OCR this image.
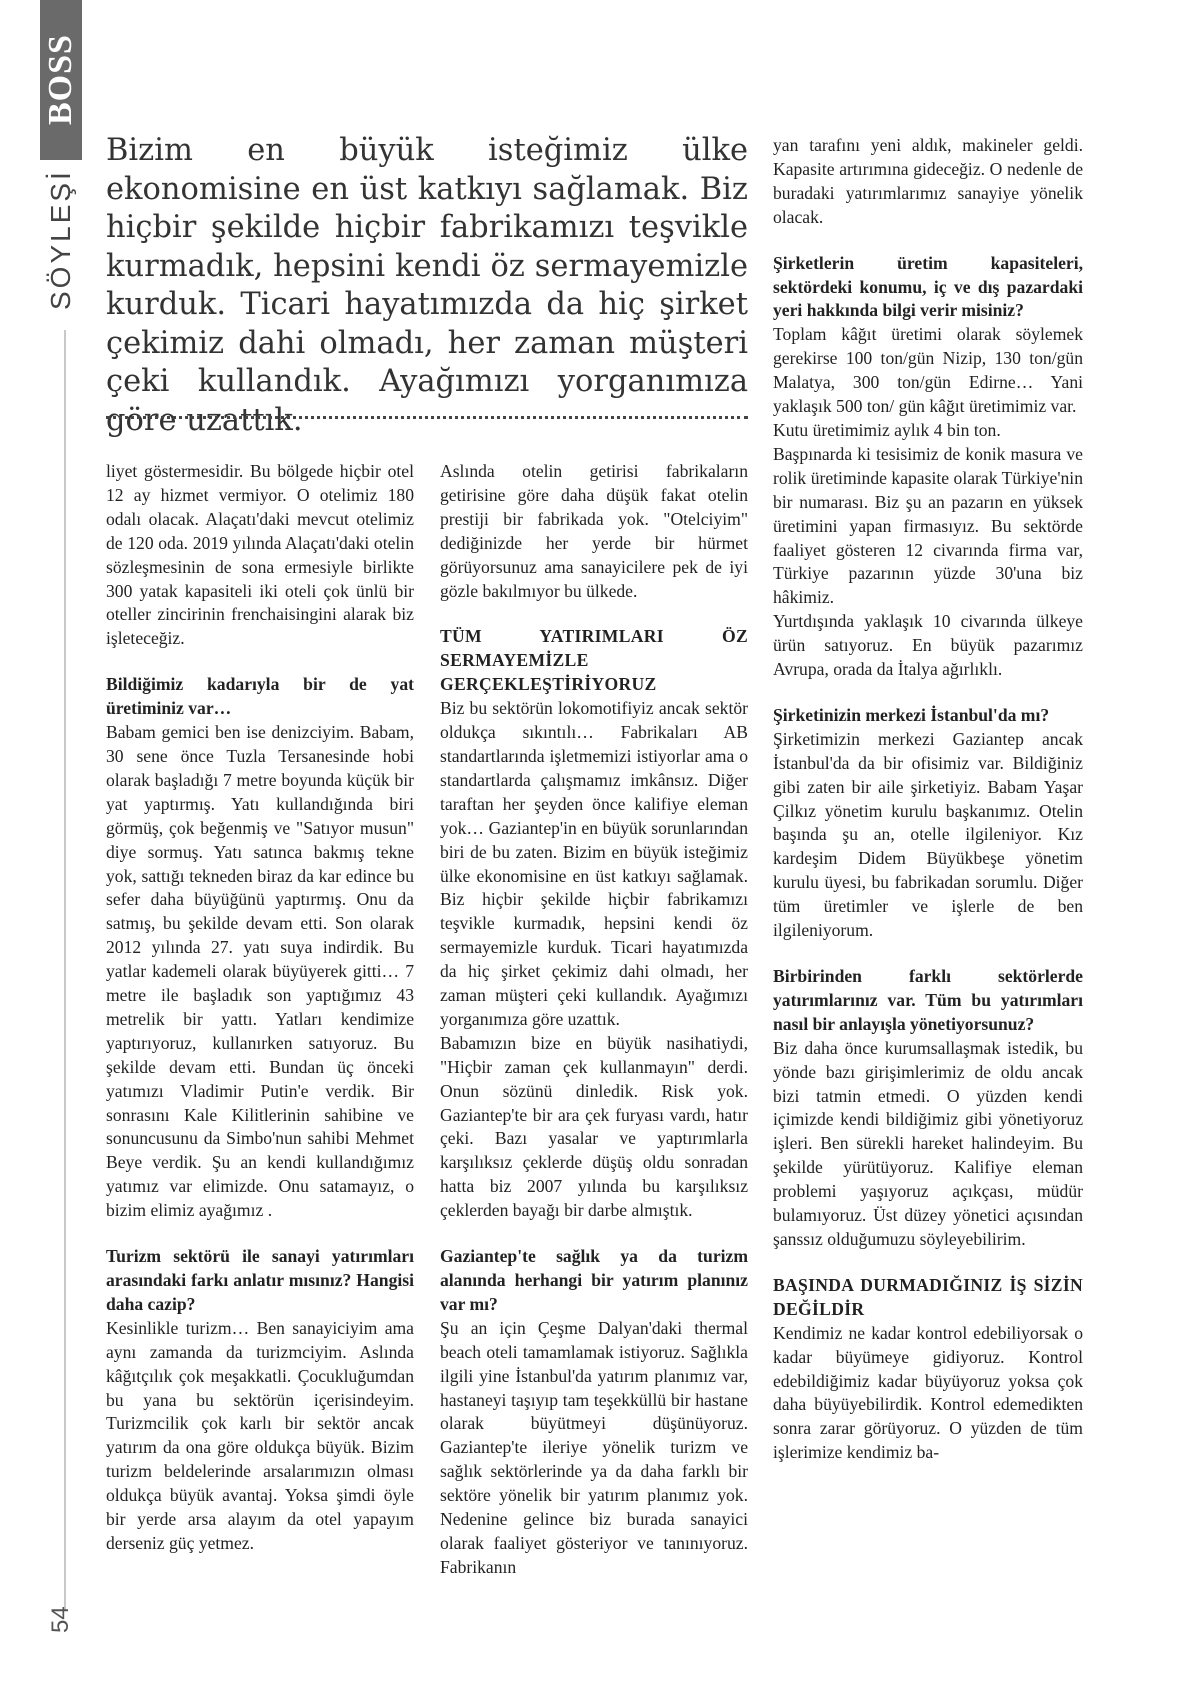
BOSS
SÖYLEŞİ
54
Bizim en büyük isteğimiz ülke ekonomisine en üst katkıyı sağlamak. Biz hiçbir şekilde hiçbir fabrikamızı teşvikle kurmadık, hepsini kendi öz sermayemizle kurduk. Ticari hayatımızda da hiç şirket çekimiz dahi olmadı, her zaman müşteri çeki kullandık. Ayağımızı yorganımıza göre uzattık.

liyet göstermesidir. Bu bölgede hiçbir otel 12 ay hizmet vermiyor. O otelimiz 180 odalı olacak. Alaçatı'daki mevcut otelimiz de 120 oda. 2019 yılında Alaçatı'daki otelin sözleşmesinin de sona ermesiyle birlikte 300 yatak kapasiteli iki oteli çok ünlü bir oteller zincirinin frenchaisingini alarak biz işleteceğiz.

Bildiğimiz kadarıyla bir de yat üretiminiz var…

Babam gemici ben ise denizciyim. Babam, 30 sene önce Tuzla Tersanesinde hobi olarak başladığı 7 metre boyunda küçük bir yat yaptırmış. Yatı kullandığında biri görmüş, çok beğenmiş ve "Satıyor musun" diye sormuş. Yatı satınca bakmış tekne yok, sattığı tekneden biraz da kar edince bu sefer daha büyüğünü yaptırmış. Onu da satmış, bu şekilde devam etti. Son olarak 2012 yılında 27. yatı suya indirdik. Bu yatlar kademeli olarak büyüyerek gitti… 7 metre ile başladık son yaptığımız 43 metrelik bir yattı. Yatları kendimize yaptırıyoruz, kullanırken satıyoruz. Bu şekilde devam etti. Bundan üç önceki yatımızı Vladimir Putin'e verdik. Bir sonrasını Kale Kilitlerinin sahibine ve sonuncusunu da Simbo'nun sahibi Mehmet Beye verdik. Şu an kendi kullandığımız yatımız var elimizde. Onu satamayız, o bizim elimiz ayağımız .

Turizm sektörü ile sanayi yatırımları arasındaki farkı anlatır mısınız? Hangisi daha cazip?

Kesinlikle turizm… Ben sanayiciyim ama aynı zamanda da turizmciyim. Aslında kâğıtçılık çok meşakkatli. Çocukluğumdan bu yana bu sektörün içerisindeyim. Turizmcilik çok karlı bir sektör ancak yatırım da ona göre oldukça büyük. Bizim turizm beldelerinde arsalarımızın olması oldukça büyük avantaj. Yoksa şimdi öyle bir yerde arsa alayım da otel yapayım derseniz güç yetmez.

Aslında otelin getirisi fabrikaların getirisine göre daha düşük fakat otelin prestiji bir fabrikada yok. "Otelciyim" dediğinizde her yerde bir hürmet görüyorsunuz ama sanayicilere pek de iyi gözle bakılmıyor bu ülkede.

TÜM YATIRIMLARI ÖZ SERMAYEMİZLE GERÇEKLEŞTİRİYORUZ

Biz bu sektörün lokomotifiyiz ancak sektör oldukça sıkıntılı… Fabrikaları AB standartlarında işletmemizi istiyorlar ama o standartlarda çalışmamız imkânsız. Diğer taraftan her şeyden önce kalifiye eleman yok… Gaziantep'in en büyük sorunlarından biri de bu zaten. Bizim en büyük isteğimiz ülke ekonomisine en üst katkıyı sağlamak. Biz hiçbir şekilde hiçbir fabrikamızı teşvikle kurmadık, hepsini kendi öz sermayemizle kurduk. Ticari hayatımızda da hiç şirket çekimiz dahi olmadı, her zaman müşteri çeki kullandık. Ayağımızı yorganımıza göre uzattık.

Babamızın bize en büyük nasihatiydi, "Hiçbir zaman çek kullanmayın" derdi. Onun sözünü dinledik. Risk yok. Gaziantep'te bir ara çek furyası vardı, hatır çeki. Bazı yasalar ve yaptırımlarla karşılıksız çeklerde düşüş oldu sonradan hatta biz 2007 yılında bu karşılıksız çeklerden bayağı bir darbe almıştık.

Gaziantep'te sağlık ya da turizm alanında herhangi bir yatırım planınız var mı?

Şu an için Çeşme Dalyan'daki thermal beach oteli tamamlamak istiyoruz. Sağlıkla ilgili yine İstanbul'da yatırım planımız var, hastaneyi taşıyıp tam teşekküllü bir hastane olarak büyütmeyi düşünüyoruz. Gaziantep'te ileriye yönelik turizm ve sağlık sektörlerinde ya da daha farklı bir sektöre yönelik bir yatırım planımız yok. Nedenine gelince biz burada sanayici olarak faaliyet gösteriyor ve tanınıyoruz. Fabrikanın

yan tarafını yeni aldık, makineler geldi. Kapasite artırımına gideceğiz. O nedenle de buradaki yatırımlarımız sanayiye yönelik olacak.

Şirketlerin üretim kapasiteleri, sektördeki konumu, iç ve dış pazardaki yeri hakkında bilgi verir misiniz?

Toplam kâğıt üretimi olarak söylemek gerekirse 100 ton/gün Nizip, 130 ton/gün Malatya, 300 ton/gün Edirne… Yani yaklaşık 500 ton/ gün kâğıt üretimimiz var.

Kutu üretimimiz aylık 4 bin ton.

Başpınarda ki tesisimiz de konik masura ve rolik üretiminde kapasite olarak Türkiye'nin bir numarası. Biz şu an pazarın en yüksek üretimini yapan firmasıyız. Bu sektörde faaliyet gösteren 12 civarında firma var, Türkiye pazarının yüzde 30'una biz hâkimiz.

Yurtdışında yaklaşık 10 civarında ülkeye ürün satıyoruz. En büyük pazarımız Avrupa, orada da İtalya ağırlıklı.

Şirketinizin merkezi İstanbul'da mı?

Şirketimizin merkezi Gaziantep ancak İstanbul'da da bir ofisimiz var. Bildiğiniz gibi zaten bir aile şirketiyiz. Babam Yaşar Çilkız yönetim kurulu başkanımız. Otelin başında şu an, otelle ilgileniyor. Kız kardeşim Didem Büyükbeşe yönetim kurulu üyesi, bu fabrikadan sorumlu. Diğer tüm üretimler ve işlerle de ben ilgileniyorum.

Birbirinden farklı sektörlerde yatırımlarınız var. Tüm bu yatırımları nasıl bir anlayışla yönetiyorsunuz?

Biz daha önce kurumsallaşmak istedik, bu yönde bazı girişimlerimiz de oldu ancak bizi tatmin etmedi. O yüzden kendi içimizde kendi bildiğimiz gibi yönetiyoruz işleri. Ben sürekli hareket halindeyim. Bu şekilde yürütüyoruz. Kalifiye eleman problemi yaşıyoruz açıkçası, müdür bulamıyoruz. Üst düzey yönetici açısından şanssız olduğumuzu söyleyebilirim.

BAŞINDA DURMADIĞINIZ İŞ SİZİN DEĞİLDİR

Kendimiz ne kadar kontrol edebiliyorsak o kadar büyümeye gidiyoruz. Kontrol edebildiğimiz kadar büyüyoruz yoksa çok daha büyüyebilirdik. Kontrol edemedikten sonra zarar görüyoruz. O yüzden de tüm işlerimize kendimiz ba-
